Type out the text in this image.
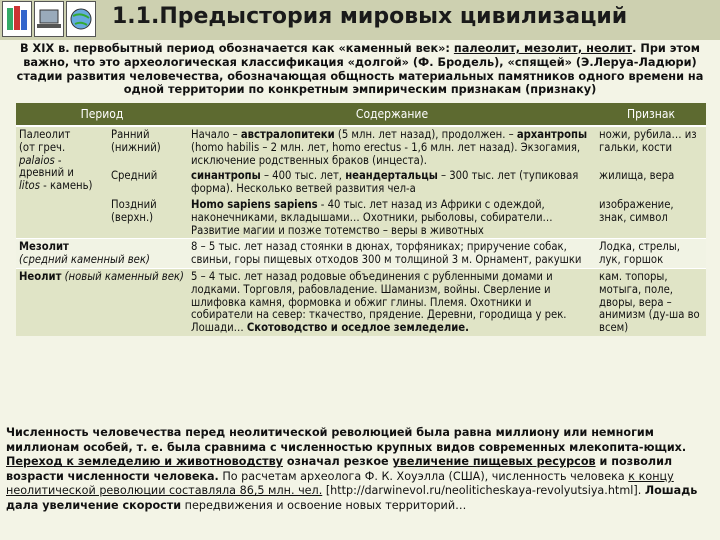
1.1.Предыстория мировых цивилизаций
В XIX в. первобытный период обозначается как «каменный век»: палеолит, мезолит, неолит. При этом важно, что это археологическая классификация «долгой» (Ф. Бродель), «спящей» (Э.Леруа-Ладюри) стадии развития человечества, обозначающая общность материальных памятников одного времени на одной территории по конкретным эмпирическим признакам (признаку)
Период		Содержание	Признак

Палеолит
(от греч.
palaios - древний и
litos - камень)	Ранний (нижний)	Начало – австралопитеки (5 млн. лет назад), продолжен. – архантропы (homo habilis – 2 млн. лет, homo erectus - 1,6 млн. лет назад). Экзогамия, исключение родственных браков (инцеста).	ножи, рубила… из гальки, кости
	Средний	синантропы – 400 тыс. лет, неандертальцы – 300 тыс. лет (тупиковая форма). Несколько ветвей развития чел-а	жилища, вера
	Поздний (верхн.)	Homo sapiens sapiens - 40 тыс. лет назад из Африки с одеждой, наконечниками, вкладышами… Охотники, рыболовы, собиратели… Развитие магии и позже тотемство – веры в животных	изображение, знак, символ
Мезолит
(средний каменный век)		8 – 5 тыс. лет назад стоянки в дюнах, торфяниках; приручение собак, свиньи, горы пищевых отходов 300 м толщиной 3 м. Орнамент, ракушки	Лодка, стрелы, лук, горшок
Неолит (новый каменный век)		5 – 4 тыс. лет назад родовые объединения с рубленными домами и лодками. Торговля, рабовладение. Шаманизм, войны. Сверление и шлифовка камня, формовка и обжиг глины. Племя. Охотники и собиратели на север: ткачество, прядение. Деревни, городища у рек. Лошади… Скотоводство и оседлое земледелие.	кам. топоры, мотыга, поле, дворы, вера – анимизм (ду-ша во всем)
Численность человечества перед неолитической революцией была равна миллиону или немногим миллионам особей, т. е. была сравнима с численностью крупных видов современных млекопита-ющих. Переход к земледелию и животноводству означал резкое увеличение пищевых ресурсов и позволил возрасти численности человека. По расчетам археолога Ф. К. Хоуэлла (США), численность человека к концу неолитической революции составляла 86,5 млн. чел. [http://darwinevol.ru/neoliticheskaya-revolyutsiya.html]. Лошадь дала увеличение скорости передвижения и освоение новых территорий…
